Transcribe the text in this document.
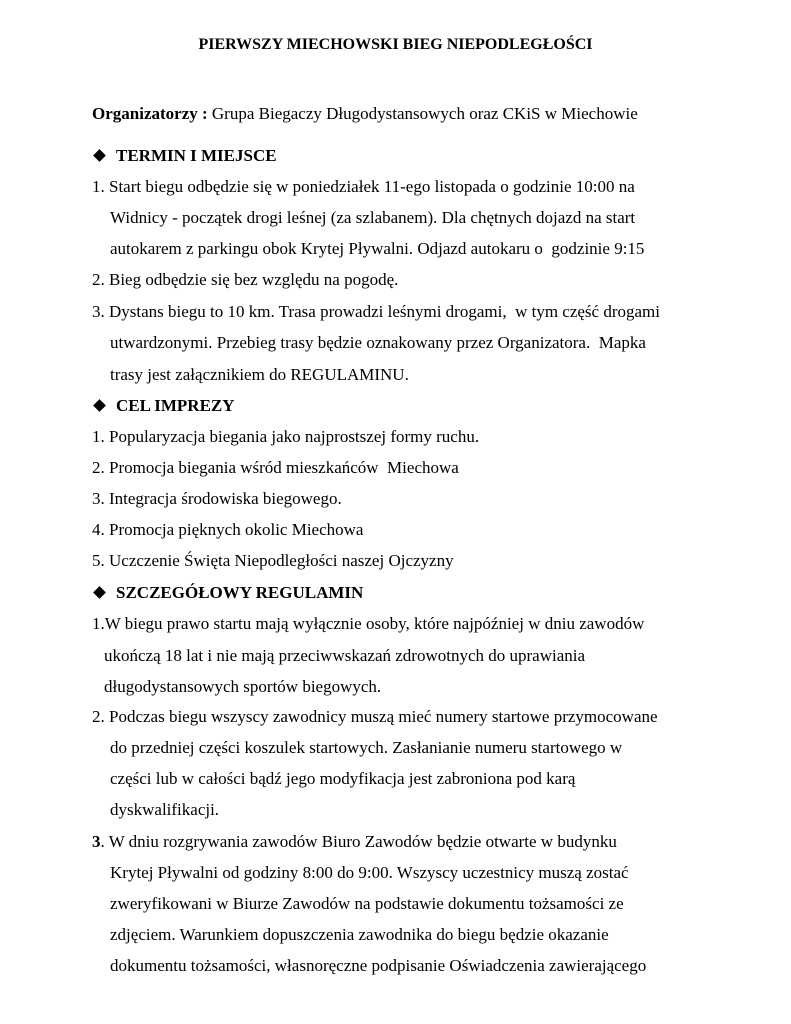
PIERWSZY MIECHOWSKI BIEG NIEPODLEGŁOŚCI
Organizatorzy : Grupa Biegaczy Długodystansowych oraz CKiS w Miechowie
TERMIN I MIEJSCE
1. Start biegu odbędzie się w poniedziałek 11-ego listopada o godzinie 10:00 na
Widnicy - początek drogi leśnej (za szlabanem). Dla chętnych dojazd na start
autokarem z parkingu obok Krytej Pływalni. Odjazd autokaru o  godzinie 9:15
2. Bieg odbędzie się bez względu na pogodę.
3. Dystans biegu to 10 km. Trasa prowadzi leśnymi drogami,  w tym część drogami
utwardzonymi. Przebieg trasy będzie oznakowany przez Organizatora.  Mapka
trasy jest załącznikiem do REGULAMINU.
CEL IMPREZY
1. Popularyzacja biegania jako najprostszej formy ruchu.
2. Promocja biegania wśród mieszkańców  Miechowa
3. Integracja środowiska biegowego.
4. Promocja pięknych okolic Miechowa
5. Uczczenie Święta Niepodległości naszej Ojczyzny
SZCZEGÓŁOWY REGULAMIN
1.W biegu prawo startu mają wyłącznie osoby, które najpóźniej w dniu zawodów
ukończą 18 lat i nie mają przeciwwskazań zdrowotnych do uprawiania
długodystansowych sportów biegowych.
2. Podczas biegu wszyscy zawodnicy muszą mieć numery startowe przymocowane
do przedniej części koszulek startowych. Zasłanianie numeru startowego w
części lub w całości bądź jego modyfikacja jest zabroniona pod karą
dyskwalifikacji.
3. W dniu rozgrywania zawodów Biuro Zawodów będzie otwarte w budynku
Krytej Pływalni od godziny 8:00 do 9:00. Wszyscy uczestnicy muszą zostać
zweryfikowani w Biurze Zawodów na podstawie dokumentu tożsamości ze
zdjęciem. Warunkiem dopuszczenia zawodnika do biegu będzie okazanie
dokumentu tożsamości, własnoręczne podpisanie Oświadczenia zawierającego
